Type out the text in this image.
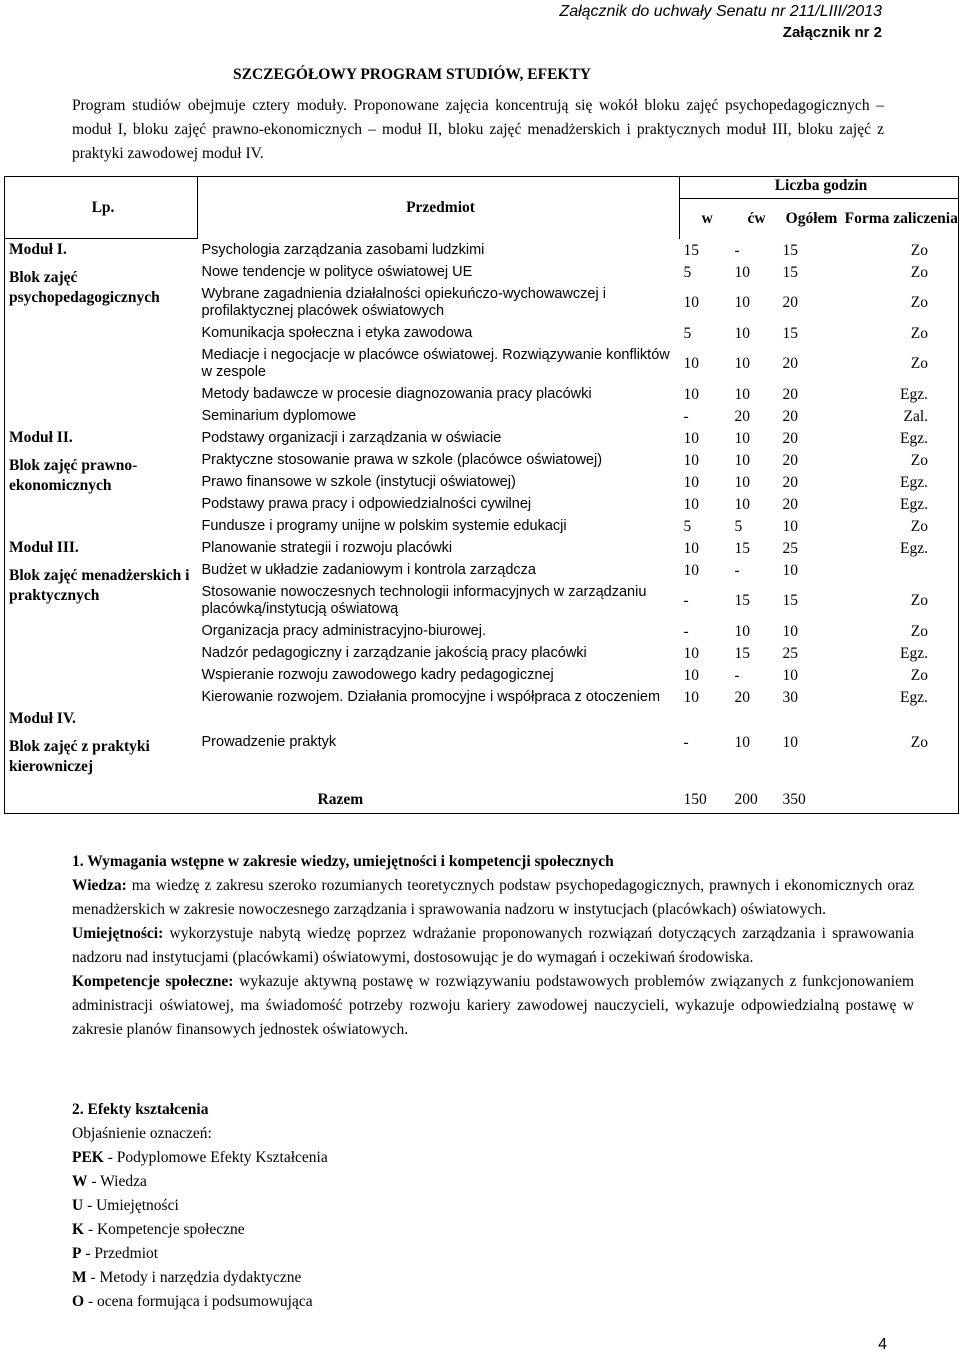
Załącznik do uchwały Senatu nr 211/LIII/2013
Załącznik nr 2
SZCZEGÓŁOWY PROGRAM STUDIÓW, EFEKTY
Program studiów obejmuje cztery moduły. Proponowane zajęcia koncentrują się wokół bloku zajęć psychopedagogicznych – moduł I, bloku zajęć prawno-ekonomicznych – moduł II, bloku zajęć menadżerskich i praktycznych moduł III, bloku zajęć z praktyki zawodowej moduł IV.
Lp.	Przedmiot	Liczba godzin			
		w	ćw	Ogółem	Forma zaliczenia

Moduł I.
Blok zajęć psychopedagogicznych	Psychologia zarządzania zasobami ludzkimi	15	-	15	Zo
	Nowe tendencje w polityce oświatowej UE	5	10	15	Zo
	Wybrane zagadnienia działalności opiekuńczo-wychowawczej i profilaktycznej placówek oświatowych	10	10	20	Zo
	Komunikacja społeczna i etyka zawodowa	5	10	15	Zo
	Mediacje i negocjacje w placówce oświatowej. Rozwiązywanie konfliktów w zespole	10	10	20	Zo
	Metody badawcze w procesie diagnozowania pracy placówki	10	10	20	Egz.
	Seminarium dyplomowe	-	20	20	Zal.

Moduł II.
Blok zajęć prawno-ekonomicznych	Podstawy organizacji i zarządzania w oświacie	10	10	20	Egz.
	Praktyczne stosowanie prawa w szkole (placówce oświatowej)	10	10	20	Zo
	Prawo finansowe w szkole (instytucji oświatowej)	10	10	20	Egz.
	Podstawy prawa pracy i odpowiedzialności cywilnej	10	10	20	Egz.
	Fundusze i programy unijne w polskim systemie edukacji	5	5	10	Zo

Moduł III.
Blok zajęć menadżerskich i praktycznych	Planowanie strategii i rozwoju placówki	10	15	25	Egz.
	Budżet w układzie zadaniowym i kontrola zarządcza	10	-	10	
	Stosowanie nowoczesnych technologii informacyjnych w zarządzaniu placówką/instytucją oświatową	-	15	15	Zo
	Organizacja pracy administracyjno-biurowej.	-	10	10	Zo
	Nadzór pedagogiczny i zarządzanie jakością pracy placówki	10	15	25	Egz.
	Wspieranie rozwoju zawodowego kadry pedagogicznej	10	-	10	Zo
	Kierowanie rozwojem. Działania promocyjne i współpraca z otoczeniem	10	20	30	Egz.

Moduł IV.
Blok zajęć z praktyki kierowniczej	Prowadzenie praktyk	-	10	10	Zo
	Razem	150	200	350	
1. Wymagania wstępne w zakresie wiedzy, umiejętności i kompetencji społecznych
Wiedza: ma wiedzę z zakresu szeroko rozumianych teoretycznych podstaw psychopedagogicznych, prawnych i ekonomicznych oraz menadżerskich w zakresie nowoczesnego zarządzania i sprawowania nadzoru w instytucjach (placówkach) oświatowych.
Umiejętności: wykorzystuje nabytą wiedzę poprzez wdrażanie proponowanych rozwiązań dotyczących zarządzania i sprawowania nadzoru nad instytucjami (placówkami) oświatowymi, dostosowując je do wymagań i oczekiwań środowiska.
Kompetencje społeczne: wykazuje aktywną postawę w rozwiązywaniu podstawowych problemów związanych z funkcjonowaniem administracji oświatowej, ma świadomość potrzeby rozwoju kariery zawodowej nauczycieli, wykazuje odpowiedzialną postawę w zakresie planów finansowych jednostek oświatowych.
2. Efekty kształcenia
Objaśnienie oznaczeń:
PEK - Podyplomowe Efekty Kształcenia
W - Wiedza
U - Umiejętności
K - Kompetencje społeczne
P - Przedmiot
M - Metody i narzędzia dydaktyczne
O - ocena formująca i podsumowująca
4
